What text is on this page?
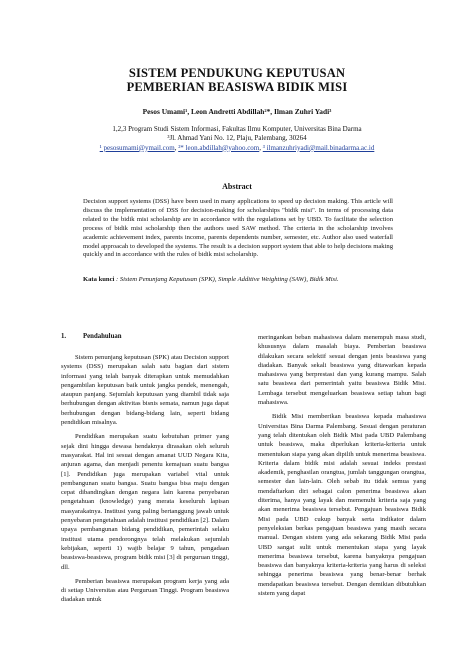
SISTEM PENDUKUNG KEPUTUSAN
PEMBERIAN BEASISWA BIDIK MISI
Pesos Umami¹, Leon Andretti Abdillah²*, Ilman Zuhri Yadi³
1,2,3 Program Studi Sistem Informasi, Fakultas Ilmu Komputer, Universitas Bina Darma
³Jl. Ahmad Yani No. 12, Plaju, Palembang, 30264
¹ pesosumami@ymail.com, ²* leon.abdillah@yahoo.com, ³ ilmanzuhriyadi@mail.binadarma.ac.id
Abstract

Decision support systems (DSS) have been used in many applications to speed up decision making. This article will discuss the implementation of DSS for decision-making for scholarships "bidik misi". In terms of processing data related to the bidik misi scholarship are in accordance with the regulations set by UBD. To facilitate the selection process of bidik misi scholarship then the authors used SAW method. The criteria in the scholarship involves academic achievement index, parents income, parents dependents number, semester, etc. Author also used waterfall model approacah to developed the systems. The result is a decision support system that able to help decisions making quickly and in accordance with the rules of bidik misi scholarship.

Kata kunci : Sistem Penunjang Keputusan (SPK), Simple Additive Weighting (SAW), Bidik Misi.

1. Pendahuluan

Sistem penunjang keputusan (SPK) atau Decision support systems (DSS) merupakan salah satu bagian dari sistem informasi yang telah banyak diterapkan untuk memudahkan pengambilan keputusan baik untuk jangka pendek, menengah, ataupun panjang. Sejumlah keputusan yang diambil tidak saja berhubungan dengan aktivitas bisnis semata, namun juga dapat berhubungan dengan bidang-bidang lain, seperti bidang pendidikan misalnya.

Pendidikan merupakan suatu kebutuhan primer yang sejak dini hingga dewasa hendaknya dirasakan oleh seluruh masyarakat. Hal ini sesuai dengan amanat UUD Negara Kita, anjuran agama, dan menjadi penentu kemajuan suatu bangsa [1]. Pendidikan juga merupakan variabel vital untuk pembangunan suatu bangsa. Suatu bangsa bisa maju dengan cepat dibandingkan dengan negara lain karena penyebaran pengetahuan (knowledge) yang merata keseluruh lapisan masyarakatnya. Institusi yang paling bertanggung jawab untuk penyebaran pengetahuan adalah institusi pendidikan [2]. Dalam upaya pembangunan bidang pendidikan, pemerintah selaku institusi utama pendorongnya telah melakukan sejumlah kebijakan, seperti 1) wajib belajar 9 tahun, pengadaan beasiswa-beasiswa, program bidik misi [3] di perguruan tinggi, dll.

Pemberian beasiswa merupakan program kerja yang ada di setiap Universitas atau Perguruan Tinggi. Program beasiswa diadakan untuk

meringankan beban mahasiswa dalam menempuh masa studi, khususnya dalam masalah biaya. Pemberian beasiswa dilakukan secara selektif sesuai dengan jenis beasiswa yang diadakan. Banyak sekali beasiswa yang ditawarkan kepada mahasiswa yang berprestasi dan yang kurang mampu. Salah satu beasiswa dari pemerintah yaitu beasiswa Bidik Misi. Lembaga tersebut mengeluarkan beasiswa setiap tahun bagi mahasiswa.

Bidik Misi memberikan beasiswa kepada mahasiswa Universitas Bina Darma Palembang. Sesuai dengan peraturan yang telah ditentukan oleh Bidik Misi pada UBD Palembang untuk beasiswa, maka diperlukan kriteria-kriteria untuk menentukan siapa yang akan dipilih untuk menerima beasiswa. Kriteria dalam bidik misi adalah sesuai indeks prestasi akademik, penghasilan orangtua, jumlah tanggungan orangtua, semester dan lain-lain. Oleh sebab itu tidak semua yang mendaftarkan diri sebagai calon penerima beasiswa akan diterima, hanya yang layak dan memenuhi kriteria saja yang akan menerima beasiswa tersebut. Pengajuan beasiswa Bidik Misi pada UBD cukup banyak serta indikator dalam penyeleksian berkas pengajuan beasiswa yang masih secara manual. Dengan sistem yang ada sekarang Bidik Misi pada UBD sangat sulit untuk menentukan siapa yang layak menerima beasiswa tersebut, karena banyaknya pengajuan beasiswa dan banyaknya kriteria-kriteria yang harus di seleksi sehingga penerima beasiswa yang benar-benar berhak mendapatkan beasiswa tersebut. Dengan demikian dibutuhkan sistem yang dapat
